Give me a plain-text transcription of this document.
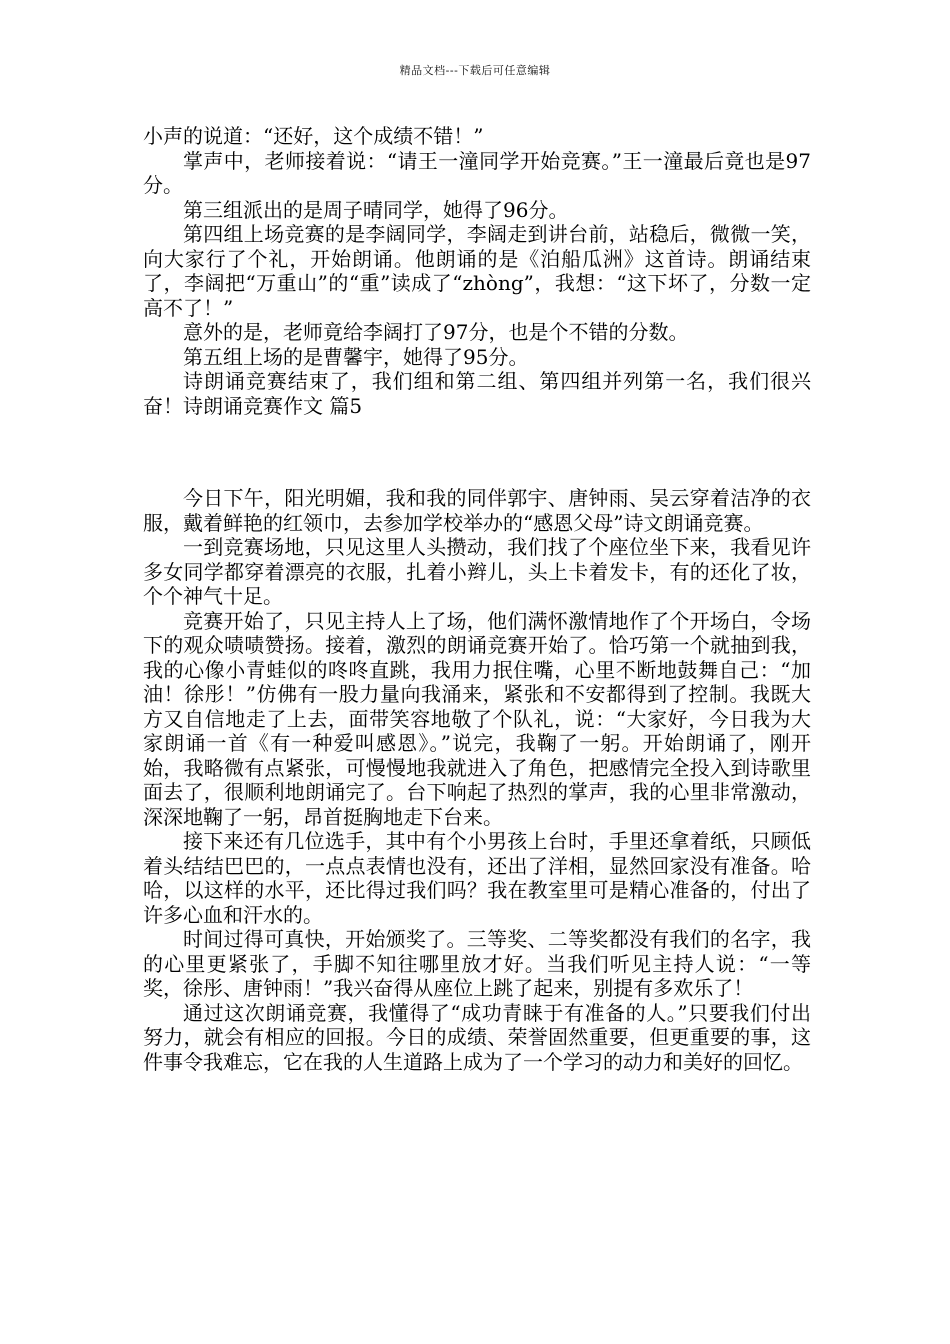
精品文档---下载后可任意编辑

小声的说道：“还好，这个成绩不错！”

掌声中，老师接着说：“请王一潼同学开始竞赛。”王一潼最后竟也是97分。

第三组派出的是周子晴同学，她得了96分。

第四组上场竞赛的是李阔同学，李阔走到讲台前，站稳后，微微一笑，向大家行了个礼，开始朗诵。他朗诵的是《泊船瓜洲》这首诗。朗诵结束了，李阔把“万重山”的“重”读成了“zhòng”，我想：“这下坏了，分数一定高不了！”

意外的是，老师竟给李阔打了97分，也是个不错的分数。

第五组上场的是曹馨宇，她得了95分。

诗朗诵竞赛结束了，我们组和第二组、第四组并列第一名，我们很兴奋！诗朗诵竞赛作文 篇5

今日下午，阳光明媚，我和我的同伴郭宇、唐钟雨、吴云穿着洁净的衣服，戴着鲜艳的红领巾，去参加学校举办的“感恩父母”诗文朗诵竞赛。

一到竞赛场地，只见这里人头攒动，我们找了个座位坐下来，我看见许多女同学都穿着漂亮的衣服，扎着小辫儿，头上卡着发卡，有的还化了妆，个个神气十足。

竞赛开始了，只见主持人上了场，他们满怀激情地作了个开场白，令场下的观众啧啧赞扬。接着，激烈的朗诵竞赛开始了。恰巧第一个就抽到我，我的心像小青蛙似的咚咚直跳，我用力抿住嘴，心里不断地鼓舞自己：“加油！徐彤！”仿佛有一股力量向我涌来，紧张和不安都得到了控制。我既大方又自信地走了上去，面带笑容地敬了个队礼，说：“大家好，今日我为大家朗诵一首《有一种爱叫感恩》。”说完，我鞠了一躬。开始朗诵了，刚开始，我略微有点紧张，可慢慢地我就进入了角色，把感情完全投入到诗歌里面去了，很顺利地朗诵完了。台下响起了热烈的掌声，我的心里非常激动，深深地鞠了一躬，昂首挺胸地走下台来。

接下来还有几位选手，其中有个小男孩上台时，手里还拿着纸，只顾低着头结结巴巴的，一点点表情也没有，还出了洋相，显然回家没有准备。哈哈，以这样的水平，还比得过我们吗？我在教室里可是精心准备的，付出了许多心血和汗水的。

时间过得可真快，开始颁奖了。三等奖、二等奖都没有我们的名字，我的心里更紧张了，手脚不知往哪里放才好。当我们听见主持人说：“一等奖，徐彤、唐钟雨！”我兴奋得从座位上跳了起来，别提有多欢乐了！

通过这次朗诵竞赛，我懂得了“成功青睐于有准备的人。”只要我们付出努力，就会有相应的回报。今日的成绩、荣誉固然重要，但更重要的事，这件事令我难忘，它在我的人生道路上成为了一个学习的动力和美好的回忆。
